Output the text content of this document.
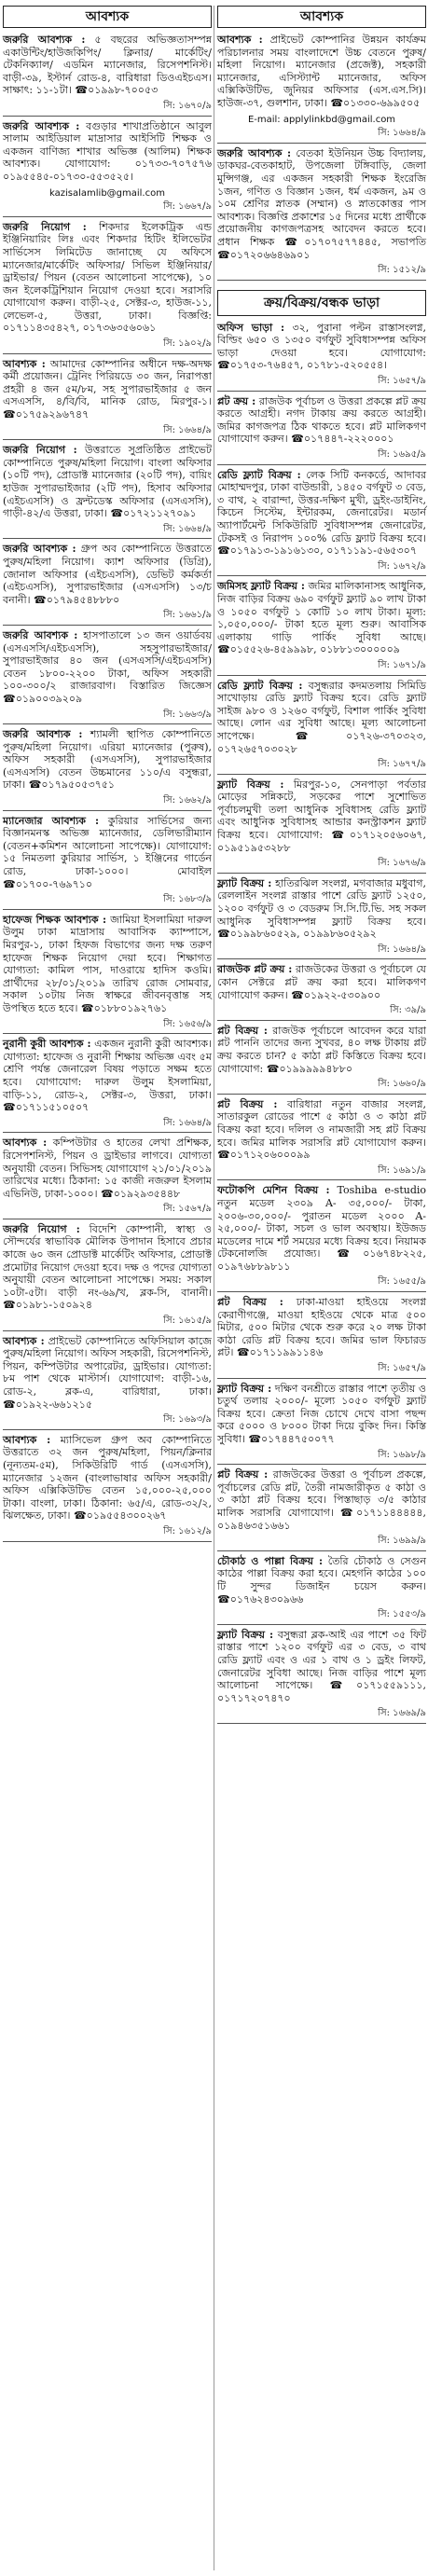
আবশ্যক
জরুরি আবশ্যক : ৫ বছরের অভিজ্ঞতাসম্পন্ন একাউন্টিং/হাউজকিপিং/ ক্লিনার/ মার্কেটিং/টেকনিক্যাল/ এডমিন ম্যানেজার, রিসেপশনিস্ট। বাড়ী-৩৯, ইস্টার্ন রোড-৪, বারিধারা ডিওএইচএস। সাক্ষাৎ: ১১-১টা। ☎০১৯৯৮-৭০০৫৩
সি: ১৬৭০/৯
জরুরি আবশ্যক : বগুড়ার শাখাপ্রতিষ্ঠানে আবুল সালাম আইডিয়াল মাদ্রাসার আইসিটি শিক্ষক ও একজন বাণিজ্য শাখার অভিজ্ঞ (আলিম) শিক্ষক আবশ্যক। যোগাযোগ: ০১৭৩৩-৭০৭৫৭৬ ০১৯৫৫৪৫-০১৭৩০-৫৫৩৫২৫।
kazisalamlib@gmail.com
সি: ১৬৬৭/৯
জরুরি নিয়োগ : শিকদার ইলেকট্রিক এন্ড ইঞ্জিনিয়ারিং লিঃ এবং শিকদার হিটিং ইলিভেটর সার্ভিসেস লিমিটেড জানাচ্ছে যে অফিসে ম্যানেজার/মার্কেটিং অফিসার/ সিভিল ইঞ্জিনিয়ার/ ড্রাইভার/ পিয়ন (বেতন আলোচনা সাপেক্ষে), ১০ জন ইলেকট্রিশিয়ান নিয়োগ দেওয়া হবে। সরাসরি যোগাযোগ করুন। বাড়ী-২৫, সেক্টর-৩, হাউজ-১১, লেভেল-৫, উত্তরা, ঢাকা। বিজ্ঞপ্তি: ০১৭১১৪৩৫৪২৭, ০১৭৩৬৩৫৬০৬১
সি: ১৯০২/৯
আবশ্যক : আমাদের কোম্পানির অধীনে দক্ষ-অদক্ষ কর্মী প্রয়োজন। ট্রেনিং পিরিয়ডে ৩০ জন, নিরাপত্তা প্রহরী ৪ জন ৫ম/৮ম, সহ সুপারভাইজার ৫ জন এসএসসি, ৪/বি/বি, মানিক রোড, মিরপুর-১। ☎০১৭৫৯২৯৬৭৪৭
সি: ১৬৬৪/৯
জরুরি নিয়োগ : উত্তরাতে সুপ্রতিষ্ঠিত প্রাইভেট কোম্পানিতে পুরুষ/মহিলা নিয়োগ। বাংলা অফিসার (১০টি পদ), প্রোডাক্ট ম্যানেজার (২০টি পদ), বায়িং হাউজ সুপারভাইজার (২টি পদ), হিসাব অফিসার (এইচএসসি) ও ফ্রন্টডেস্ক অফিসার (এসএসসি), গাড়ী-৪২/এ উত্তরা, ঢাকা। ☎০১৭২১১২৭০৯১
সি: ১৬৬৪/৯
জরুরি আবশ্যক : গ্রুপ অব কোম্পানিতে উত্তরাতে পুরুষ/মহিলা নিয়োগ। ক্যাশ অফিসার (ডিগ্রি), জোনাল অফিসার (এইচএসসি), ডেভিট কর্মকর্তা (এইচএসসি), সুপারভাইজার (এসএসসি) ১৩/চ বনানী। ☎০১৭৯৪৫৪৮৮৮০
সি: ১৬৬১/৯
জরুরি আবশ্যক : হাসপাতালে ১৩ জন ওয়ার্ডবয় (এসএসসি/এইচএসসি), সহসুপারভাইজার/সুপারভাইজার ৪০ জন (এসএসসি/এইচএসসি) বেতন ১৮০০-২২০০ টাকা, অফিস সহকারী ১০০-৩০০/২ রাজারবাগ। বিস্তারিত জিজ্ঞেস ☎০১৯০০৩৯২০৯
সি: ১৬৬৩/৯
জরুরি আবশ্যক : শ্যামলী স্থাপিত কোম্পানিতে পুরুষ/মহিলা নিয়োগ। এরিয়া ম্যানেজার (পুরুষ), অফিস সহকারী (এসএসসি), সুপারভাইজার (এসএসসি) বেতন উচ্চমানের ১১০/এ বসুন্ধরা, ঢাকা। ☎০১৭৯৫০৫৩৭৫১
সি: ১৬৬২/৯
ম্যানেজার আবশ্যক : কুরিয়ার সার্ভিসের জন্য বিজ্ঞানমনস্ক অভিজ্ঞ ম্যানেজার, ডেলিভারীম্যান (বেতন+কমিশন আলোচনা সাপেক্ষে)। যোগাযোগ: ১৫ নিমতলা কুরিয়ার সার্ভিস, ১ ইঞ্জিনের গার্ডেন রোড, ঢাকা-১০০০। মোবাইল ☎০১৭০০-৭৬৯৭১০
সি: ১৬৮৩/৯
হাফেজ শিক্ষক আবশ্যক : জামিয়া ইসলামিয়া দারুল উলুম ঢাকা মাদ্রাসায় আবাসিক ক্যাম্পাসে, মিরপুর-১, ঢাকা হিফজ বিভাগের জন্য দক্ষ তরুণ হাফেজ শিক্ষক নিয়োগ দেয়া হবে। শিক্ষাগত যোগ্যতা: কামিল পাস, দাওরায়ে হাদিস কওমি। প্রার্থীদের ২৮/০১/২০১৯ তারিখ রোজ সোমবার, সকাল ১০টায় নিজ স্বাক্ষরে জীবনবৃত্তান্ত সহ উপস্থিত হতে হবে। ☎০১৮৮০১৯২৭৬১
সি: ১৬৫৬/৯
নুরানী কুরী আবশ্যক : একজন নুরানী কুরী আবশ্যক। যোগ্যতা: হাফেজ ও নুরানী শিক্ষায় অভিজ্ঞ এবং ৫ম শ্রেণি পর্যন্ত জেনারেল বিষয় পড়াতে সক্ষম হতে হবে। যোগাযোগ: দারুল উলুম ইসলামিয়া, বাড়ি-১১, রোড-২, সেক্টর-৩, উত্তরা, ঢাকা। ☎০১৭১১৫১০৫০৭
সি: ১৬৬৪/৯
আবশ্যক : কম্পিউটার ও হাতের লেখা প্রশিক্ষক, রিসেপশনিস্ট, পিয়ন ও ড্রাইভার লাগবে। যোগ্যতা অনুযায়ী বেতন। সিভিসহ যোগাযোগ ২১/০১/২০১৯ তারিখের মধ্যে। ঠিকানা: ১৫ কাজী নজরুল ইসলাম এভিনিউ, ঢাকা-১০০০। ☎০১৯২৯৩৫৪৪৮
সি: ১৫৬৭/৯
জরুরি নিয়োগ : বিদেশি কোম্পানী, স্বাস্থ্য ও সৌন্দর্যের স্বাভাবিক মৌলিক উপাদান হিসাবে প্রচার কাজে ৬০ জন প্রোডাক্ট মার্কেটিং অফিসার, প্রোডাক্ট প্রমোটার নিয়োগ দেওয়া হবে। দক্ষ ও পদের যোগ্যতা অনুযায়ী বেতন আলোচনা সাপেক্ষে। সময়: সকাল ১০টা-৫টা। বাড়ী নং-৬৯/খ, ব্লক-সি, বানানী। ☎০১৯৮১-১৫০৯২৪
সি: ১৬১৫/৯
আবশ্যক : প্রাইভেট কোম্পানিতে অফিসিয়াল কাজে পুরুষ/মহিলা নিয়োগ। অফিস সহকারী, রিসেপশনিস্ট, পিয়ন, কম্পিউটার অপারেটর, ড্রাইভার। যোগ্যতা: ৮ম পাশ থেকে মাস্টার্স। যোগাযোগ: বাড়ী-১৬, রোড-২, ব্লক-এ, বারিধারা, ঢাকা। ☎০১৯২২-৬৬১২১৫
সি: ১৬৯৩/৯
আবশ্যক : ম্যাসিভেল গ্রুপ অব কোম্পানিতে উত্তরাতে ৩২ জন পুরুষ/মহিলা, পিয়ন/ক্লিনার (নূন্যতম-৫ম), সিকিউরিটি গার্ড (এসএসসি), ম্যানেজার ১২জন (বাংলাভাষার অফিস সহকারী/অফিস এক্সিকিউটিভ বেতন ১৫,০০০-২৫,০০০ টাকা। বাংলা, ঢাকা। ঠিকানা: ৬৫/এ, রোড-৩২/২, ঝিলক্ষেত, ঢাকা। ☎০১৯৫৫৪৩০০২৬৭
সি: ১৬১২/৯
আবশ্যক
আবশ্যক : প্রাইভেট কোম্পানির উন্নয়ন কার্যক্রম পরিচালনার সময় বাংলাদেশে উচ্চ বেতনে পুরুষ/মহিলা নিয়োগ। ম্যানেজার (প্রজেক্ট), সহকারী ম্যানেজার, এসিস্ট্যান্ট ম্যানেজার, অফিস এক্সিকিউটিভ, জুনিয়র অফিসার (এস.এস.সি)। হাউজ-৩৭, গুলশান, ঢাকা। ☎০১৩৩০-৬৯৯৫০৫
E-mail: applylinkbd@gmail.com
সি: ১৬৬৪/৯
জরুরি আবশ্যক : বেতকা ইউনিয়ন উচ্চ বিদ্যালয়, ডাকঘর-বেতকাহাট, উপজেলা টঙ্গিবাড়ি, জেলা মুন্সিগঞ্জ, এর একজন সহকারী শিক্ষক ইংরেজি ১জন, গণিত ও বিজ্ঞান ১জন, ধর্ম একজন, ৯ম ও ১০ম শ্রেণির স্নাতক (সম্মান) ও স্নাতকোত্তর পাস আবশ্যক। বিজ্ঞপ্তি প্রকাশের ১৫ দিনের মধ্যে প্রার্থীকে প্রয়োজনীয় কাগজপত্রসহ আবেদন করতে হবে। প্রধান শিক্ষক ☎০১৭০৭৫৭৭৪৪৫, সভাপতি ☎০১৭২০৬৬৪৬৯০১
সি: ১৫১২/৯
ক্রয়/বিক্রয়/বন্ধক ভাড়া
অফিস ভাড়া : ৩২, পুরানা পল্টন রাস্তাসংলগ্ন, বিল্ডিং ৬৫০ ও ১৩৫০ বর্গফুট সুবিধাসম্পন্ন অফিস ভাড়া দেওয়া হবে। যোগাযোগ: ☎০১৭৫৩-৭৬৪৫৭, ০১৭৮১-৫২০৫৫৪।
সি: ১৬৫৭/৯
প্লট ক্রয় : রাজউক পূর্বাচল ও উত্তরা প্রকল্পে প্লট ক্রয় করতে আগ্রহী। নগদ টাকায় ক্রয় করতে আগ্রহী। জমির কাগজপত্র ঠিক থাকতে হবে। প্লট মালিকগণ যোগাযোগ করুন। ☎০১৭৪৪৭-২২২০০০১
সি: ১৬৯৫/৯
রেডি ফ্ল্যাট বিক্রয় : লেক সিটি কনকর্ডে, আদাবর মোহাম্মদপুর, ঢাকা বাউন্ডারী, ১৪৫০ বর্গফুট ৩ বেড, ৩ বাথ, ২ বারান্দা, উত্তর-দক্ষিণ মুখী, ড্রইং-ডাইনিং, কিচেন সিস্টেম, ইন্টারকম, জেনারেটর। মডার্ন অ্যাপার্টমেন্ট সিকিউরিটি সুবিধাসম্পন্ন জেনারেটর, টেকসই ও নিরাপদ ১০০% রেডি ফ্ল্যাট বিক্রয় হবে। ☎০১৭৯১৩-১৯১৬১৩০, ০১৭১১৯১-৫৬৫৩০৭
সি: ১৬৭২/৯
জমিসহ ফ্ল্যাট বিক্রয় : জমির মালিকানাসহ আধুনিক, নিজ বাড়ির বিক্রয় ৬৯০ বর্গফুট ফ্ল্যাট ৯০ লাখ টাকা ও ১০৫০ বর্গফুট ১ কোটি ১০ লাখ টাকা। মূল্য: ১,০৫০,০০০/- টাকা হতে মূল্য শুরু। আবাসিক এলাকায় গাড়ি পার্কিং সুবিধা আছে। ☎০১৫৫২৬-৪৫৯৯৯৮, ০১৮৮১৩০০০০০৯
সি: ১৬৭১/৯
রেডি ফ্ল্যাট বিক্রয় : বসুন্ধরার কদমতলায় সিমিডি সাখোড়ায় রেডি ফ্ল্যাট বিক্রয় হবে। রেডি ফ্ল্যাট সাইজ ৯৮০ ও ১২৬০ বর্গফুট, বিশাল পার্কিং সুবিধা আছে। লোন এর সুবিধা আছে। মূল্য আলোচনা সাপেক্ষে। ☎০১৭২৬-৩৭০৩২৩, ০১৭২৬৫৭০৩০২৮
সি: ১৬৭৭/৯
ফ্ল্যাট বিক্রয় : মিরপুর-১০, সেনপাড়া পর্বতার মোড়ের সন্নিকটে, সড়কের পাশে সুশোভিত পূর্বাচলমুখী তলা আধুনিক সুবিধাসহ রেডি ফ্ল্যাট এবং আধুনিক সুবিধাসহ আন্ডার কনস্ট্রাকশন ফ্ল্যাট বিক্রয় হবে। যোগাযোগ: ☎০১৭১২০৫৬০৬৭, ০১৯৫১৯৫৩২৮৮
সি: ১৬৭৬/৯
ফ্ল্যাট বিক্রয় : হাতিরঝিল সংলগ্ন, মগবাজার মধুবাগ, রেললাইন সংলগ্ন রাস্তার পাশে রেডি ফ্ল্যাট ১২৫০, ১২০০ বর্গফুট ও ৩ বেডরুম সি.সি.টি.ভি. সহ সকল আধুনিক সুবিধাসম্পন্ন ফ্ল্যাট বিক্রয় হবে। ☎০১৯৯৮৬০৫২৯, ০১৯৯৮৬০৫২৯২
সি: ১৬৬৪/৯
রাজউক প্লট ক্রয় : রাজউকের উত্তরা ও পূর্বাচলে যে কোন সেক্টরে প্লট ক্রয় করা হবে। মালিকগণ যোগাযোগ করুন। ☎০১৯২২-৫৩০৯০০
সি: ৩৯/৯
প্লট বিক্রয় : রাজউক পূর্বাচলে আবেদন করে যারা প্লট পাননি তাদের জন্য সুখবর, ৪০ লক্ষ টাকায় প্লট ক্রয় করতে চান? ৫ কাঠা প্লট কিস্তিতে বিক্রয় হবে। যোগাযোগ: ☎০১৯৯৯৯৯৪৮৮০
সি: ১৬৬০/৯
প্লট বিক্রয় : বারিধারা নতুন বাজার সংলগ্ন, সাতারকুল রোডের পাশে ৫ কাঠা ও ৩ কাঠা প্লট বিক্রয় করা হবে। দলিল ও নামজারী সহ প্লট বিক্রয় হবে। জমির মালিক সরাসরি প্লট যোগাযোগ করুন। ☎০১৭১২০৬০০০৯৯
সি: ১৬৯১/৯
ফটোকপি মেশিন বিক্রয় : Toshiba e-studio নতুন মডেল ২৩০৯ A- ৩৫,০০০/- টাকা, ২০০৬-৩০,০০০/- পুরাতন মডেল ২০০০ A- ২৫,০০০/- টাকা, সচল ও ভাল অবস্থায়। ইউজড মডেলের দামে শর্ট সময়ের মধ্যে বিক্রয় হবে। নিয়ামক টেকনোলজি প্রযোজ্য। ☎০১৬৭৪৮২২৫, ০১৯৭৬৮৮৯৮১১
সি: ১৬৫৫/৯
প্লট বিক্রয় : ঢাকা-মাওয়া হাইওয়ে সংলগ্ন কেরাণীগঞ্জে, মাওয়া হাইওয়ে থেকে মাত্র ৫০০ মিটার, ৫০০ মিটার থেকে শুরু করে ২০ লক্ষ টাকা কাঠা রেডি প্লট বিক্রয় হবে। জমির ভাল ফিচারড প্লট। ☎০১৭১১৯৯১১৪৬
সি: ১৬৫৭/৯
ফ্ল্যাট বিক্রয় : দক্ষিণ বনশ্রীতে রাস্তার পাশে তৃতীয় ও চতুর্থ তলায় ২০০০/- মূল্যে ১০৫০ বর্গফুট ফ্ল্যাট বিক্রয় হবে। ক্রেতা নিজ চোখে দেখে বাসা পছন্দ করে ৫০০০ ও ৮০০০ টাকা দিয়ে বুকিং দিন। কিস্তি সুবিধা। ☎০১৭৪৪৭৫০০৭৭
সি: ১৬৯৮/৯
প্লট বিক্রয় : রাজউকের উত্তরা ও পূর্বাচল প্রকল্পে, পূর্বাচলের রেডি প্লট, তৈরী নামজারীকৃত ৫ কাঠা ও ৩ কাঠা প্লট বিক্রয় হবে। পিস্তাছাড় ৩/৫ কাঠার মালিক সরাসরি যোগাযোগ। ☎০১৭১১৪৪৪৪৪, ০১৯৪৬৩৫১৬৬১
সি: ১৬৯৯/৯
চৌকাঠ ও পাল্লা বিক্রয় : তৈরি চৌকাঠ ও সেগুন কাঠের পাল্লা বিক্রয় করা হবে। মেহগনি কাঠের ১০০ টি সুন্দর ডিজাইন চয়েস করুন। ☎০১৭৬২৪৩০৯৬৬
সি: ১৫৫৩/৯
ফ্ল্যাট বিক্রয় : বসুন্ধরা ব্লক-আই এর পাশে ৩৫ ফিট রাস্তার পাশে ১২০০ বর্গফুট এর ৩ বেড, ৩ বাথ রেডি ফ্ল্যাট এবং ও এর ১ বাথ ও ১ ড্রইং লিফট, জেনারেটর সুবিধা আছে। নিজ বাড়ির পাশে মূল্য আলোচনা সাপেক্ষে। ☎০১৭১৫৫৯১১১, ০১৭১৭২০৭৪৭০
সি: ১৬৬৯/৯
